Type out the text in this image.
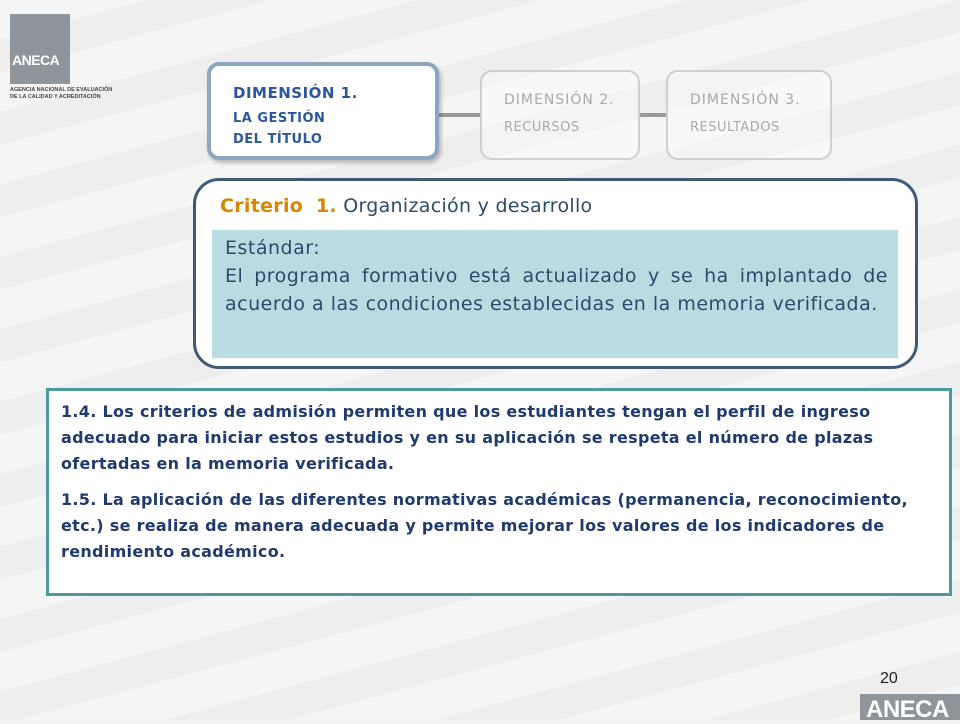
ANECA
AGENCIA NACIONAL DE EVALUACIÓN
DE LA CALIDAD Y ACREDITACIÓN	DIMENSIÓN 1.
LA GESTIÓN
DEL TÍTULO
DIMENSIÓN 2.
RECURSOS
DIMENSIÓN 3.
RESULTADOS
Criterio 1. Organización y desarrollo
Estándar:
El programa formativo está actualizado y se ha implantado de acuerdo a las condiciones establecidas en la memoria verificada.

1.4. Los criterios de admisión permiten que los estudiantes tengan el perfil de ingreso adecuado para iniciar estos estudios y en su aplicación se respeta el número de plazas ofertadas en la memoria verificada.

1.5. La aplicación de las diferentes normativas académicas (permanencia, reconocimiento, etc.) se realiza de manera adecuada y permite mejorar los valores de los indicadores de rendimiento académico.

20
ANECA
